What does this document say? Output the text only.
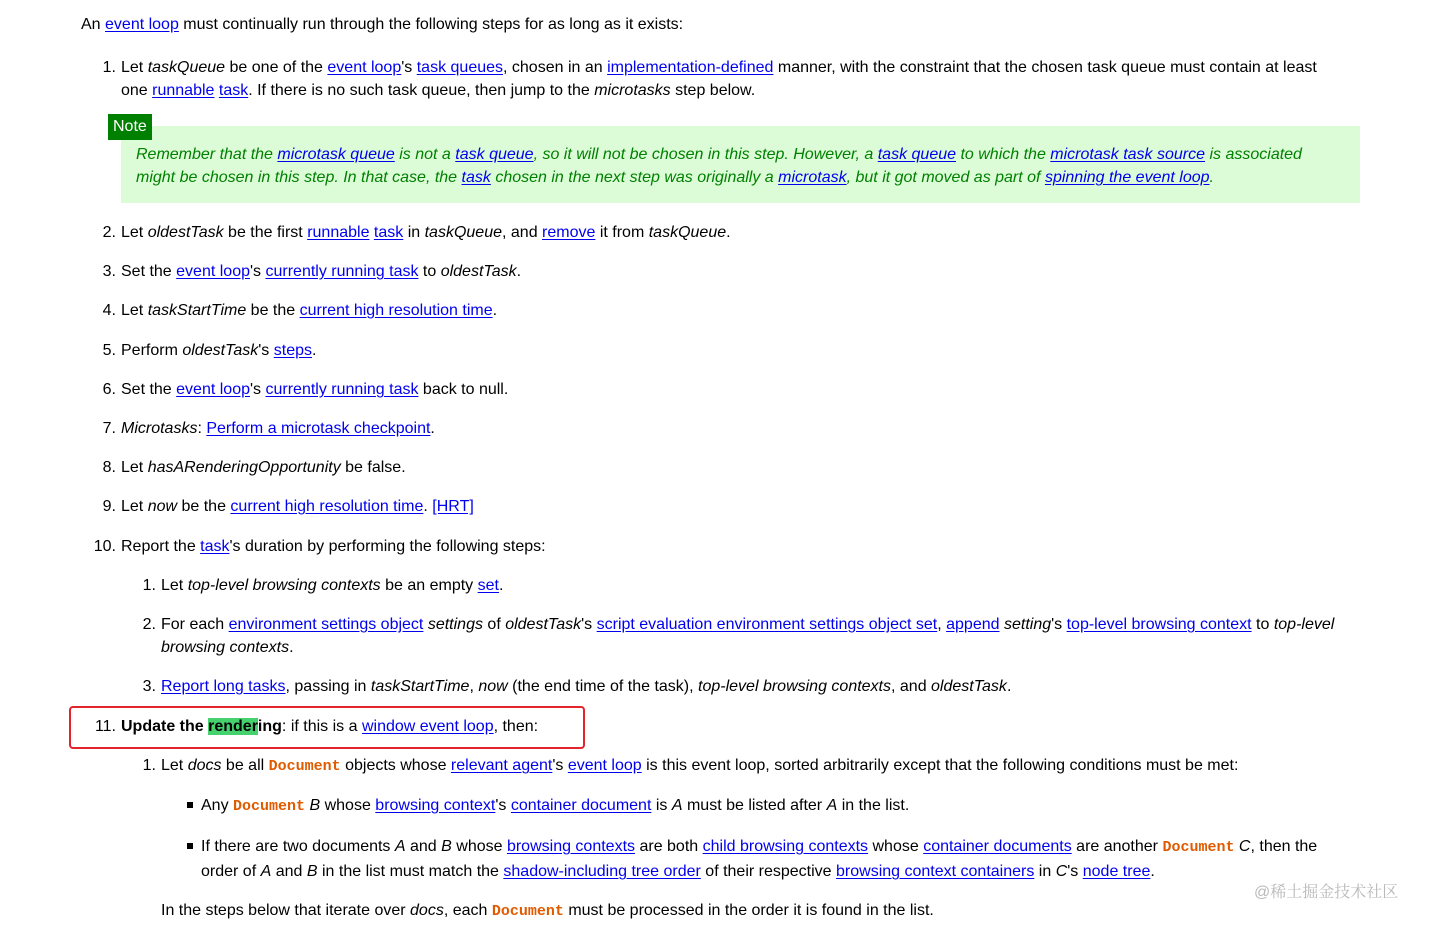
An event loop must continually run through the following steps for as long as it exists:
1. Let taskQueue be one of the event loop's task queues, chosen in an implementation-defined manner, with the constraint that the chosen task queue must contain at least
one runnable task. If there is no such task queue, then jump to the microtasks step below.
Remember that the microtask queue is not a task queue, so it will not be chosen in this step. However, a task queue to which the microtask task source is associated
might be chosen in this step. In that case, the task chosen in the next step was originally a microtask, but it got moved as part of spinning the event loop.
Note
2. Let oldestTask be the first runnable task in taskQueue, and remove it from taskQueue.
3. Set the event loop's currently running task to oldestTask.
4. Let taskStartTime be the current high resolution time.
5. Perform oldestTask's steps.
6. Set the event loop's currently running task back to null.
7. Microtasks: Perform a microtask checkpoint.
8. Let hasARenderingOpportunity be false.
9. Let now be the current high resolution time. [HRT]
10. Report the task's duration by performing the following steps:
1. Let top-level browsing contexts be an empty set.
2. For each environment settings object settings of oldestTask's script evaluation environment settings object set, append setting's top-level browsing context to top-level
browsing contexts.
3. Report long tasks, passing in taskStartTime, now (the end time of the task), top-level browsing contexts, and oldestTask.
11. Update the rendering: if this is a window event loop, then:
1. Let docs be all Document objects whose relevant agent's event loop is this event loop, sorted arbitrarily except that the following conditions must be met:
Any Document B whose browsing context's container document is A must be listed after A in the list.
If there are two documents A and B whose browsing contexts are both child browsing contexts whose container documents are another Document C, then the
order of A and B in the list must match the shadow-including tree order of their respective browsing context containers in C's node tree.
In the steps below that iterate over docs, each Document must be processed in the order it is found in the list.
@稀土掘金技术社区
